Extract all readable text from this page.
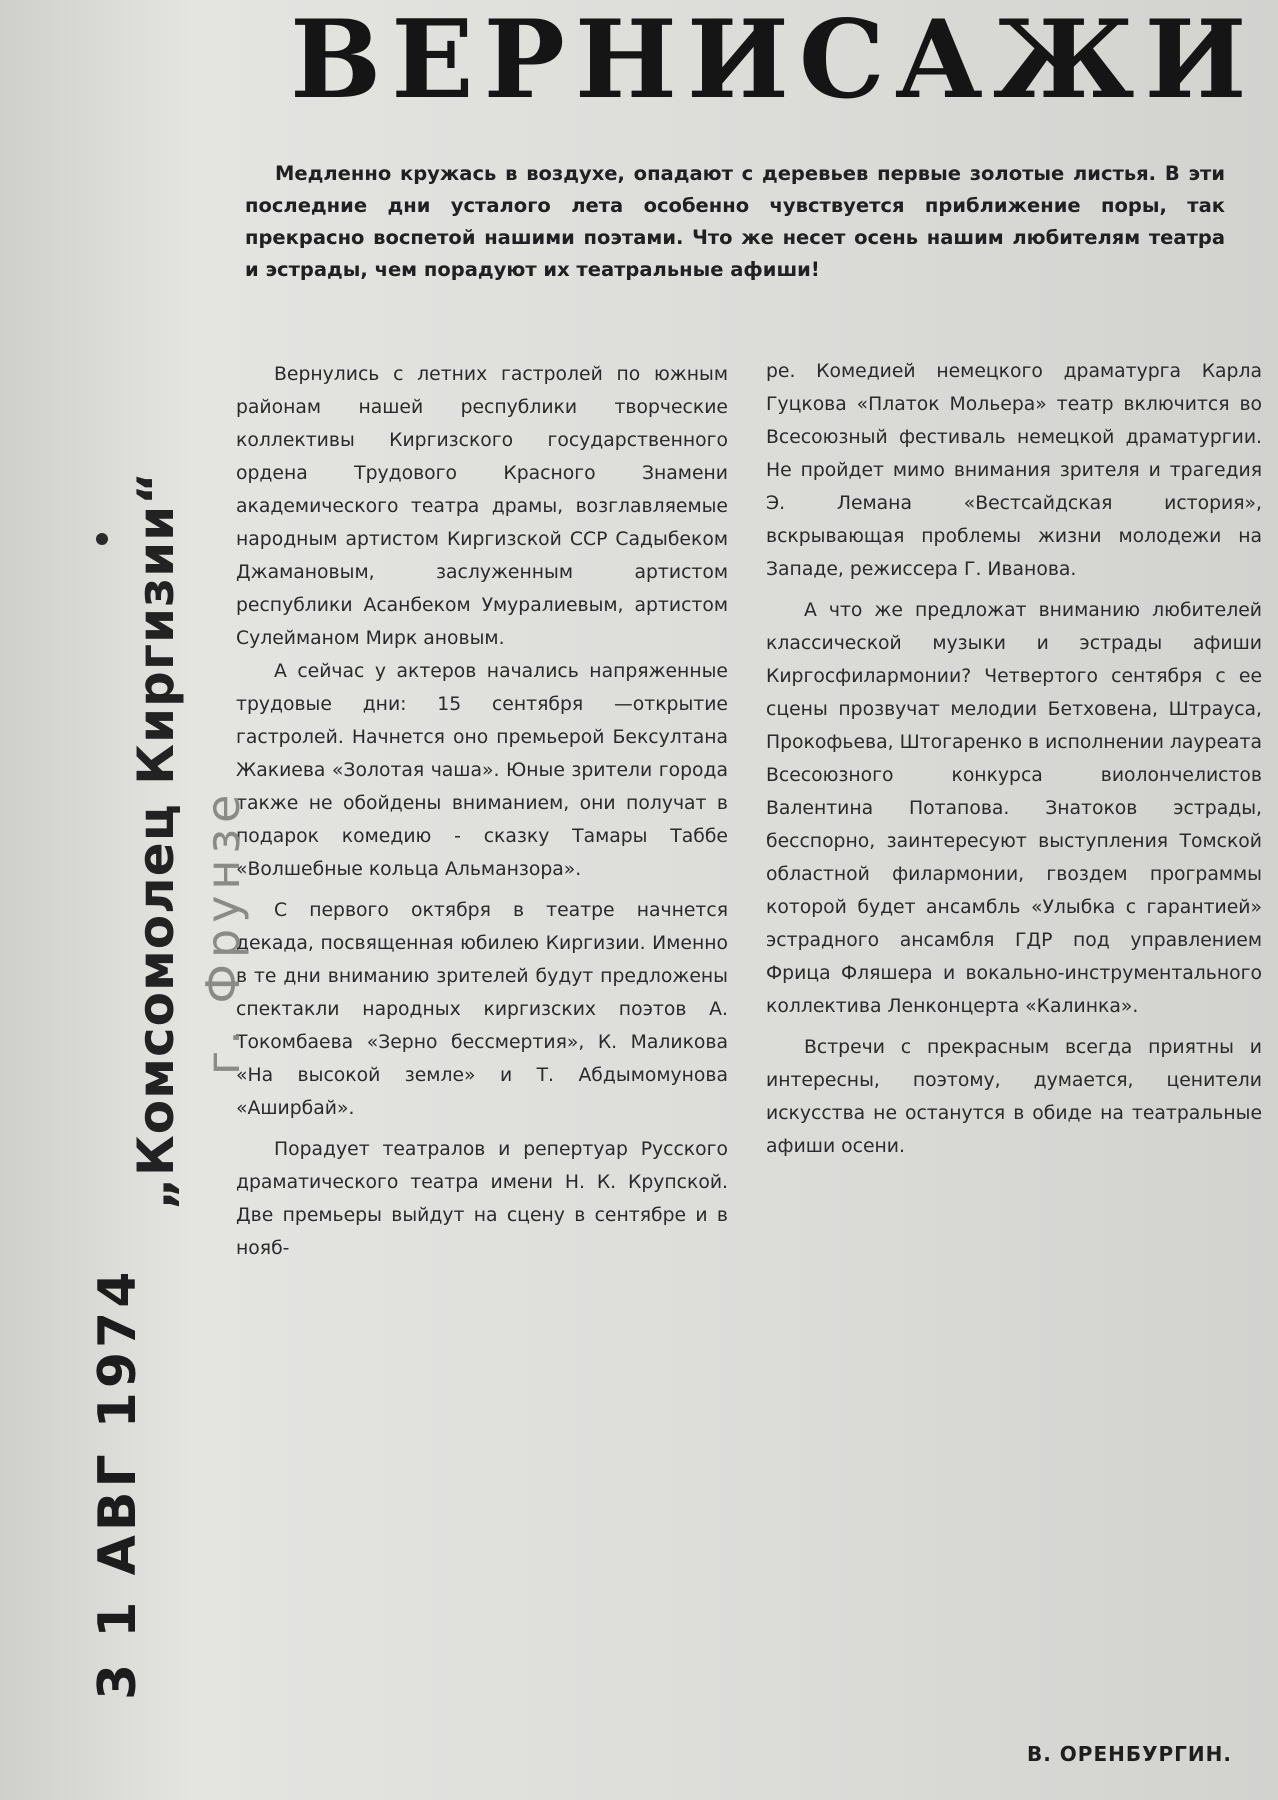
ВЕРНИСАЖИ
Медленно кружась в воздухе, опадают с деревьев первые золотые листья. В эти последние дни усталого лета особенно чувствуется приближение поры, так прекрасно воспетой нашими поэтами. Что же несет осень нашим любителям театра и эстрады, чем порадуют их театральные афиши!

Вернулись с летних гастролей по южным районам нашей республики творческие коллективы Киргизского государственного ордена Трудового Красного Знамени академического театра драмы, возглавляемые народным артистом Киргизской ССР Садыбеком Джамановым, заслуженным артистом республики Асанбеком Умуралиевым, артистом Сулейманом Мирк ановым.

А сейчас у актеров начались напряженные трудовые дни: 15 сентября —открытие гастролей. Начнется оно премьерой Бексултана Жакиева «Золотая чаша». Юные зрители города также не обойдены вниманием, они получат в подарок комедию - сказку Тамары Таббе «Волшебные кольца Альманзора».

С первого октября в театре начнется декада, посвященная юбилею Киргизии. Именно в те дни вниманию зрителей будут предложены спектакли народных киргизских поэтов А. Токомбаева «Зерно бессмертия», К. Маликова «На высокой земле» и Т. Абдымомунова «Аширбай».

Порадует театралов и репертуар Русского драматического театра имени Н. К. Крупской. Две премьеры выйдут на сцену в сентябре и в нояб-

ре. Комедией немецкого драматурга Карла Гуцкова «Платок Мольера» театр включится во Всесоюзный фестиваль немецкой драматургии. Не пройдет мимо внимания зрителя и трагедия Э. Лемана «Вестсайдская история», вскрывающая проблемы жизни молодежи на Западе, режиссера Г. Иванова.

А что же предложат вниманию любителей классической музыки и эстрады афиши Киргосфилармонии? Четвертого сентября с ее сцены прозвучат мелодии Бетховена, Штрауса, Прокофьева, Штогаренко в исполнении лауреата Всесоюзного конкурса виолончелистов Валентина Потапова. Знатоков эстрады, бесспорно, заинтересуют выступления Томской областной филармонии, гвоздем программы которой будет ансамбль «Улыбка с гарантией» эстрадного ансамбля ГДР под управлением Фрица Фляшера и вокально-инструментального коллектива Ленконцерта «Калинка».

Встречи с прекрасным всегда приятны и интересны, поэтому, думается, ценители искусства не останутся в обиде на театральные афиши осени.

В. ОРЕНБУРГИН.
„Комсомолец Киргизии“ г. Фрунзе
3 1 АВГ 1974
